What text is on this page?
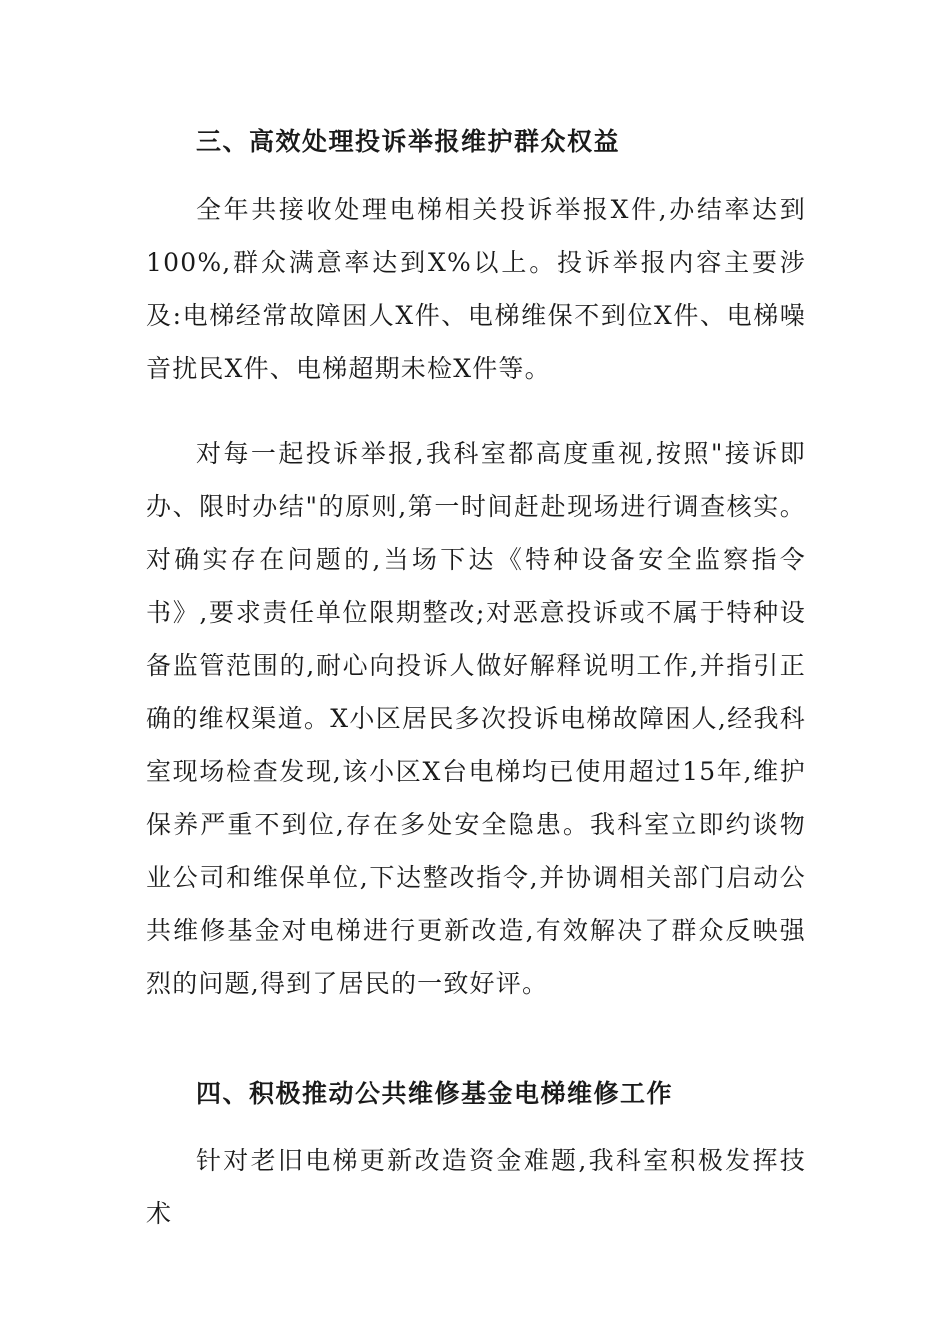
三、高效处理投诉举报维护群众权益
全年共接收处理电梯相关投诉举报X件,办结率达到100%,群众满意率达到X%以上。投诉举报内容主要涉及:电梯经常故障困人X件、电梯维保不到位X件、电梯噪音扰民X件、电梯超期未检X件等。
对每一起投诉举报,我科室都高度重视,按照"接诉即办、限时办结"的原则,第一时间赶赴现场进行调查核实。对确实存在问题的,当场下达《特种设备安全监察指令书》,要求责任单位限期整改;对恶意投诉或不属于特种设备监管范围的,耐心向投诉人做好解释说明工作,并指引正确的维权渠道。X小区居民多次投诉电梯故障困人,经我科室现场检查发现,该小区X台电梯均已使用超过15年,维护保养严重不到位,存在多处安全隐患。我科室立即约谈物业公司和维保单位,下达整改指令,并协调相关部门启动公共维修基金对电梯进行更新改造,有效解决了群众反映强烈的问题,得到了居民的一致好评。
四、积极推动公共维修基金电梯维修工作
针对老旧电梯更新改造资金难题,我科室积极发挥技术
